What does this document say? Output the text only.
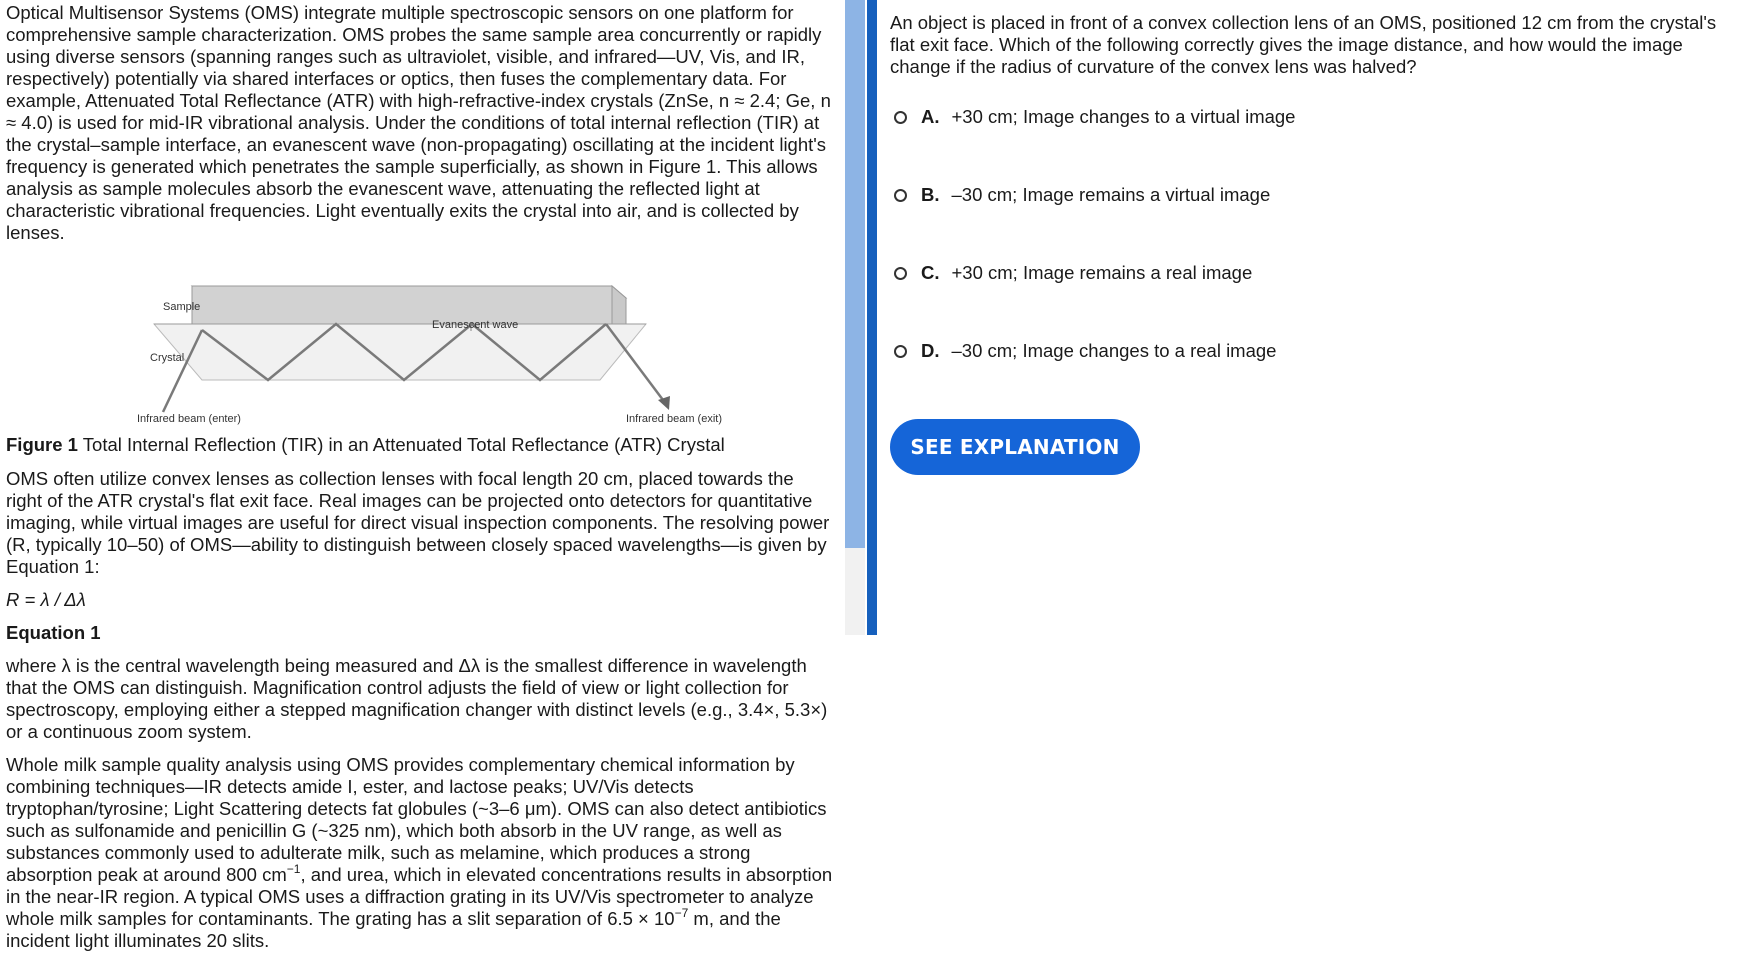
Optical Multisensor Systems (OMS) integrate multiple spectroscopic sensors on one platform for comprehensive sample characterization. OMS probes the same sample area concurrently or rapidly using diverse sensors (spanning ranges such as ultraviolet, visible, and infrared—UV, Vis, and IR, respectively) potentially via shared interfaces or optics, then fuses the complementary data. For example, Attenuated Total Reflectance (ATR) with high-refractive-index crystals (ZnSe, n ≈ 2.4; Ge, n ≈ 4.0) is used for mid-IR vibrational analysis. Under the conditions of total internal reflection (TIR) at the crystal–sample interface, an evanescent wave (non-propagating) oscillating at the incident light's frequency is generated which penetrates the sample superficially, as shown in Figure 1. This allows analysis as sample molecules absorb the evanescent wave, attenuating the reflected light at characteristic vibrational frequencies. Light eventually exits the crystal into air, and is collected by lenses.

Sample
Evanescent wave
Crystal
Infrared beam (enter)	Infrared beam (exit)
Figure 1 Total Internal Reflection (TIR) in an Attenuated Total Reflectance (ATR) Crystal

OMS often utilize convex lenses as collection lenses with focal length 20 cm, placed towards the right of the ATR crystal's flat exit face. Real images can be projected onto detectors for quantitative imaging, while virtual images are useful for direct visual inspection components. The resolving power (R, typically 10–50) of OMS—ability to distinguish between closely spaced wavelengths—is given by Equation 1:

R = λ / Δλ

Equation 1

where λ is the central wavelength being measured and Δλ is the smallest difference in wavelength that the OMS can distinguish. Magnification control adjusts the field of view or light collection for spectroscopy, employing either a stepped magnification changer with distinct levels (e.g., 3.4×, 5.3×) or a continuous zoom system.

Whole milk sample quality analysis using OMS provides complementary chemical information by combining techniques—IR detects amide I, ester, and lactose peaks; UV/Vis detects tryptophan/tyrosine; Light Scattering detects fat globules (~3–6 μm). OMS can also detect antibiotics such as sulfonamide and penicillin G (~325 nm), which both absorb in the UV range, as well as substances commonly used to adulterate milk, such as melamine, which produces a strong absorption peak at around 800 $cm^{-1}$, and urea, which in elevated concentrations results in absorption in the near-IR region. A typical OMS uses a diffraction grating in its UV/Vis spectrometer to analyze whole milk samples for contaminants. The grating has a slit separation of $6.5 \times 10^{-7}$ m, and the incident light illuminates 20 slits.

An object is placed in front of a convex collection lens of an OMS, positioned 12 cm from the crystal's flat exit face. Which of the following correctly gives the image distance, and how would the image change if the radius of curvature of the convex lens was halved?

A. +30 cm; Image changes to a virtual image
B. –30 cm; Image remains a virtual image
C. +30 cm; Image remains a real image
D. –30 cm; Image changes to a real image
SEE EXPLANATION
